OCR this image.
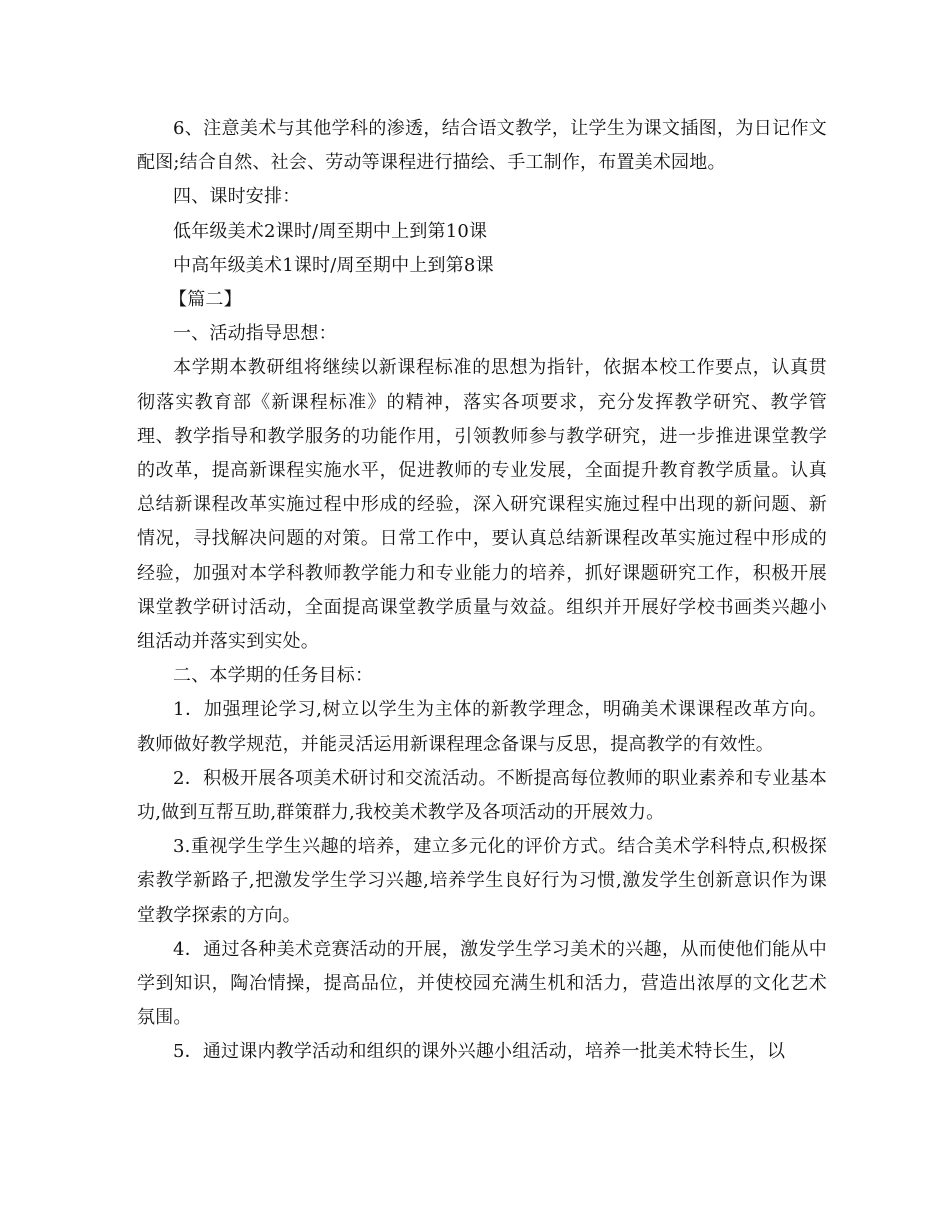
6、注意美术与其他学科的渗透，结合语文教学，让学生为课文插图，为日记作文配图;结合自然、社会、劳动等课程进行描绘、手工制作，布置美术园地。

四、课时安排：

低年级美术2课时/周至期中上到第10课

中高年级美术1课时/周至期中上到第8课

【篇二】

一、活动指导思想：

本学期本教研组将继续以新课程标准的思想为指针，依据本校工作要点，认真贯彻落实教育部《新课程标准》的精神，落实各项要求，充分发挥教学研究、教学管理、教学指导和教学服务的功能作用，引领教师参与教学研究，进一步推进课堂教学的改革，提高新课程实施水平，促进教师的专业发展，全面提升教育教学质量。认真总结新课程改革实施过程中形成的经验，深入研究课程实施过程中出现的新问题、新情况，寻找解决问题的对策。日常工作中，要认真总结新课程改革实施过程中形成的经验，加强对本学科教师教学能力和专业能力的培养，抓好课题研究工作，积极开展课堂教学研讨活动，全面提高课堂教学质量与效益。组织并开展好学校书画类兴趣小组活动并落实到实处。

二、本学期的任务目标：

1．加强理论学习,树立以学生为主体的新教学理念，明确美术课课程改革方向。教师做好教学规范，并能灵活运用新课程理念备课与反思，提高教学的有效性。

2．积极开展各项美术研讨和交流活动。不断提高每位教师的职业素养和专业基本功,做到互帮互助,群策群力,我校美术教学及各项活动的开展效力。

3.重视学生学生兴趣的培养，建立多元化的评价方式。结合美术学科特点,积极探索教学新路子,把激发学生学习兴趣,培养学生良好行为习惯,激发学生创新意识作为课堂教学探索的方向。

4．通过各种美术竞赛活动的开展，激发学生学习美术的兴趣，从而使他们能从中学到知识，陶冶情操，提高品位，并使校园充满生机和活力，营造出浓厚的文化艺术氛围。

5．通过课内教学活动和组织的课外兴趣小组活动，培养一批美术特长生，以
